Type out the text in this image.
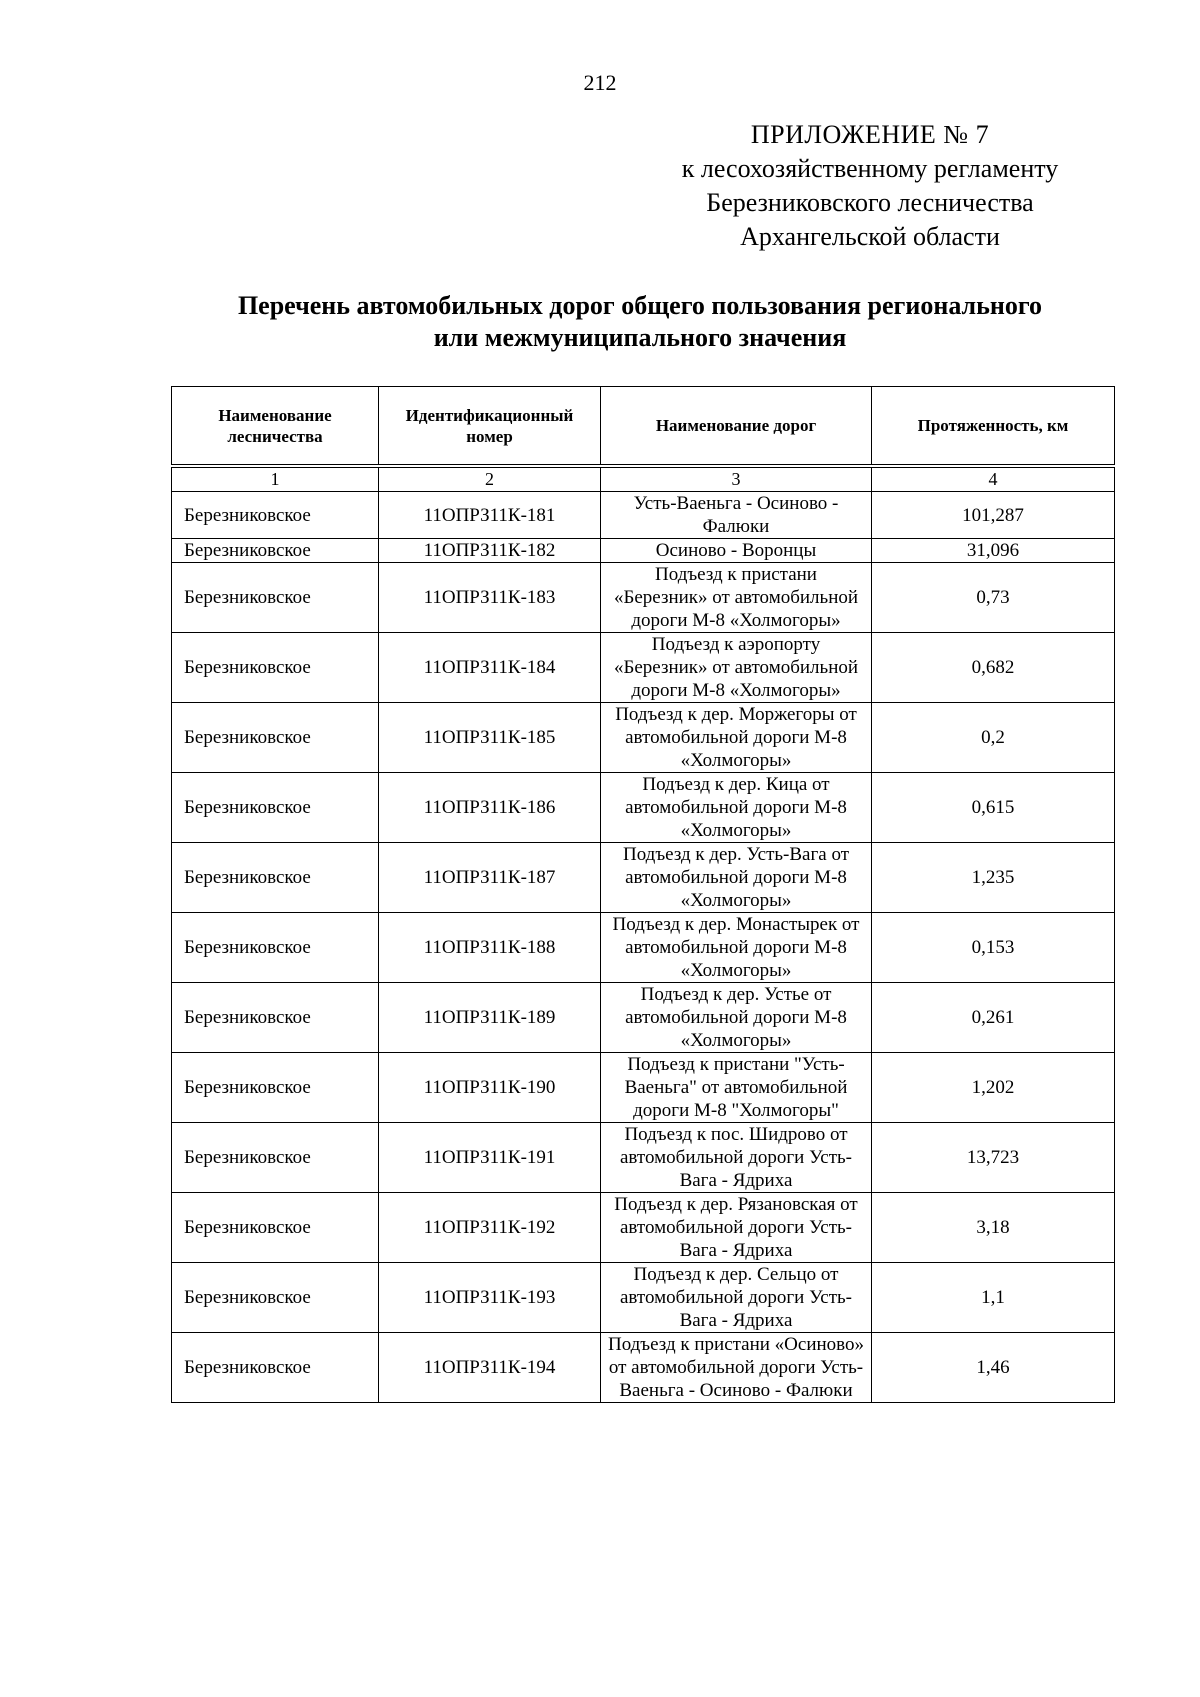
212
ПРИЛОЖЕНИЕ № 7
к лесохозяйственному регламенту
Березниковского лесничества
Архангельской области
Перечень автомобильных дорог общего пользования регионального
или межмуниципального значения
Наименование лесничества	Идентификационный номер	Наименование дорог	Протяженность, км

1	2	3	4
Березниковское	11ОПРЗ11К-181	Усть-Ваеньга - Осиново - Фалюки	101,287
Березниковское	11ОПРЗ11К-182	Осиново - Воронцы	31,096
Березниковское	11ОПРЗ11К-183	Подъезд к пристани «Березник» от автомобильной дороги М-8 «Холмогоры»	0,73
Березниковское	11ОПРЗ11К-184	Подъезд к аэропорту «Березник» от автомобильной дороги М-8 «Холмогоры»	0,682
Березниковское	11ОПРЗ11К-185	Подъезд к дер. Моржегоры от автомобильной дороги М-8 «Холмогоры»	0,2
Березниковское	11ОПРЗ11К-186	Подъезд к дер. Кица от автомобильной дороги М-8 «Холмогоры»	0,615
Березниковское	11ОПРЗ11К-187	Подъезд к дер. Усть-Вага от автомобильной дороги М-8 «Холмогоры»	1,235
Березниковское	11ОПРЗ11К-188	Подъезд к дер. Монастырек от автомобильной дороги М-8 «Холмогоры»	0,153
Березниковское	11ОПРЗ11К-189	Подъезд к дер. Устье от автомобильной дороги М-8 «Холмогоры»	0,261
Березниковское	11ОПРЗ11К-190	Подъезд к пристани "Усть-Ваеньга" от автомобильной дороги М-8 "Холмогоры"	1,202
Березниковское	11ОПРЗ11К-191	Подъезд к пос. Шидрово от автомобильной дороги Усть-Вага - Ядриха	13,723
Березниковское	11ОПРЗ11К-192	Подъезд к дер. Рязановская от автомобильной дороги Усть-Вага - Ядриха	3,18
Березниковское	11ОПРЗ11К-193	Подъезд к дер. Сельцо от автомобильной дороги Усть-Вага - Ядриха	1,1
Березниковское	11ОПРЗ11К-194	Подъезд к пристани «Осиново» от автомобильной дороги Усть-Ваеньга - Осиново - Фалюки	1,46
